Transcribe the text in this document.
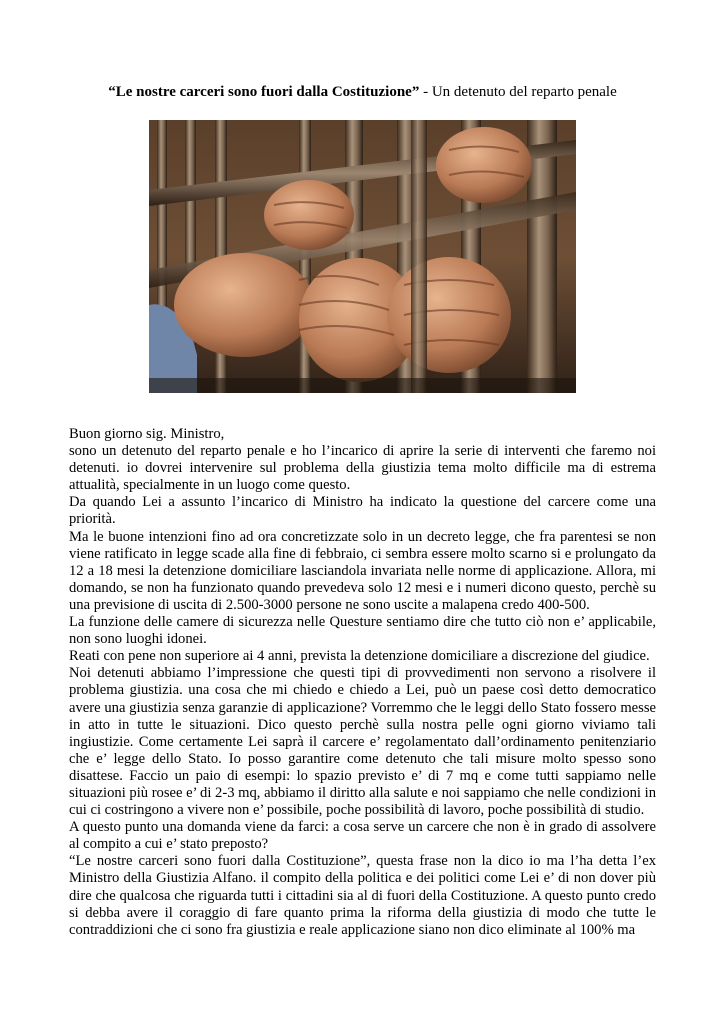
“Le nostre carceri sono fuori dalla Costituzione” - Un detenuto del reparto penale

Buon giorno sig. Ministro,

sono un detenuto del reparto penale e ho l’incarico di aprire la serie di interventi che faremo noi detenuti. io dovrei intervenire sul problema della giustizia tema molto difficile ma di estrema attualità, specialmente in un luogo come questo.

Da quando Lei a assunto l’incarico di Ministro ha indicato la questione del carcere come una priorità.

Ma le buone intenzioni fino ad ora concretizzate solo in un decreto legge, che fra parentesi se non viene ratificato in legge scade alla fine di febbraio, ci sembra essere molto scarno si e prolungato da 12 a 18 mesi la detenzione domiciliare lasciandola invariata nelle norme di applicazione. Allora, mi domando, se non ha funzionato quando prevedeva solo 12 mesi e i numeri dicono questo, perchè su una previsione di uscita di 2.500-3000 persone ne sono uscite a malapena credo 400-500.

La funzione delle camere di sicurezza nelle Questure sentiamo dire che tutto ciò non e’ applicabile, non sono luoghi idonei.

Reati con pene non superiore ai 4 anni, prevista la detenzione domiciliare a discrezione del giudice.

Noi detenuti abbiamo l’impressione che questi tipi di provvedimenti non servono a risolvere il problema giustizia. una cosa che mi chiedo e chiedo a Lei, può un paese così detto democratico avere una giustizia senza garanzie di applicazione? Vorremmo che le leggi dello Stato fossero messe in atto in tutte le situazioni. Dico questo perchè sulla nostra pelle ogni giorno viviamo tali ingiustizie. Come certamente Lei saprà il carcere e’ regolamentato dall’ordinamento penitenziario che e’ legge dello Stato. Io posso garantire come detenuto che tali misure molto spesso sono disattese. Faccio un paio di esempi: lo spazio previsto e’ di 7 mq e come tutti sappiamo nelle situazioni più rosee e’ di 2-3 mq, abbiamo il diritto alla salute e noi sappiamo che nelle condizioni in cui ci costringono a vivere non e’ possibile, poche possibilità di lavoro, poche possibilità di studio.

A questo punto una domanda viene da farci: a cosa serve un carcere che non è in grado di assolvere al compito a cui e’ stato preposto?

“Le nostre carceri sono fuori dalla Costituzione”, questa frase non la dico io ma l’ha detta l’ex Ministro della Giustizia Alfano. il compito della politica e dei politici come Lei e’ di non dover più dire che qualcosa che riguarda tutti i cittadini sia al di fuori della Costituzione. A questo punto credo si debba avere il coraggio di fare quanto prima la riforma della giustizia di modo che tutte le contraddizioni che ci sono fra giustizia e reale applicazione siano non dico eliminate al 100% ma
